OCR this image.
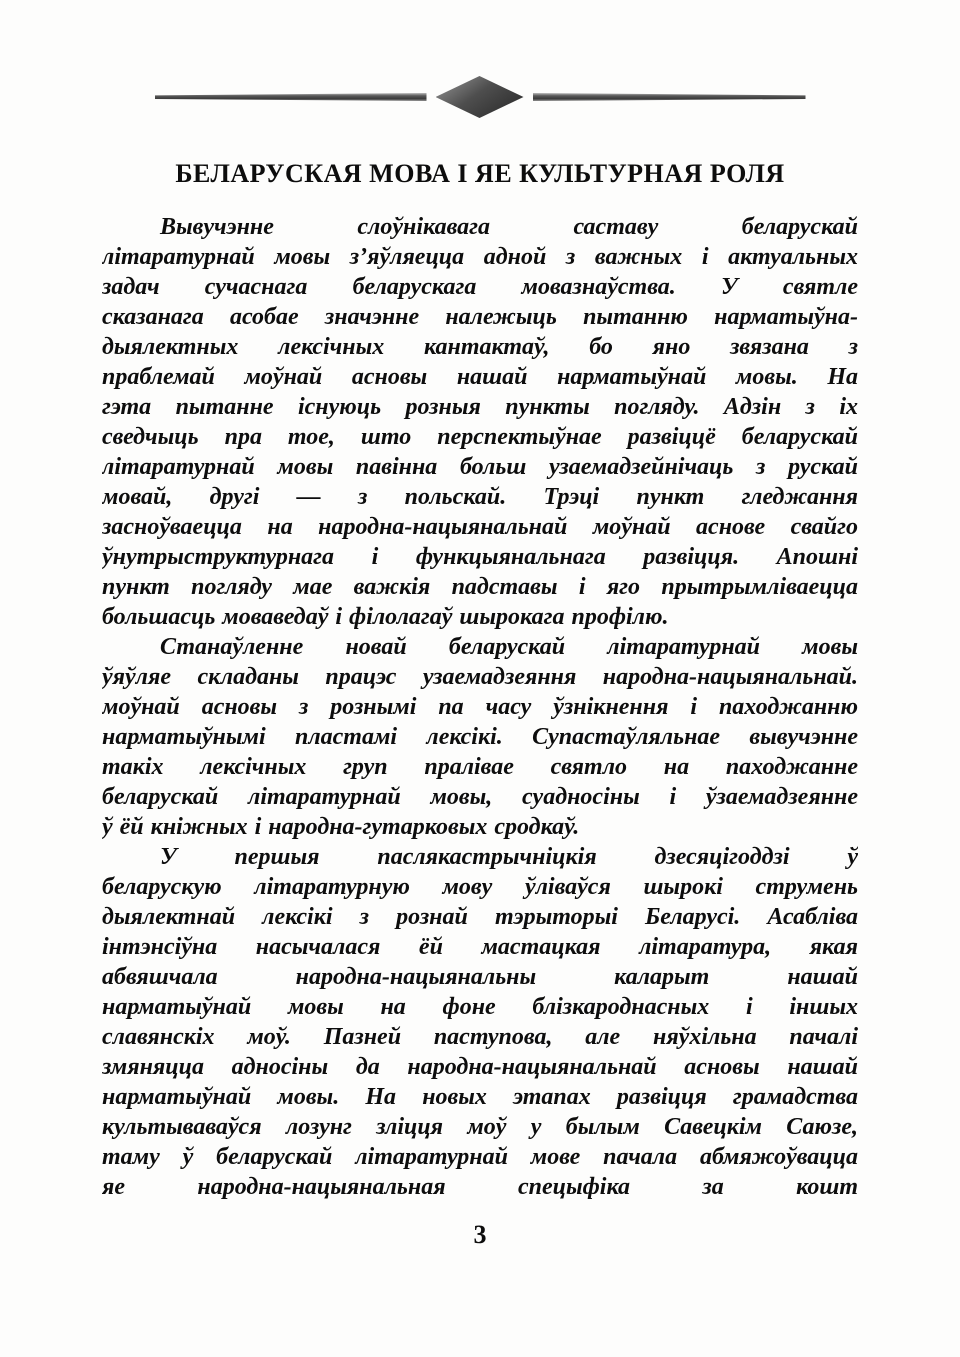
БЕЛАРУСКАЯ МОВА І ЯЕ КУЛЬТУРНАЯ РОЛЯ
Вывучэнне слоўнікавага саставу беларускай
літаратурнай мовы з’яўляецца адной з важных і актуальных
задач сучаснага беларускага мовазнаўства. У святле
сказанага асобае значэнне належыць пытанню нарматыўна-
дыялектных лексічных кантактаў, бо яно звязана з
праблемай моўнай асновы нашай нарматыўнай мовы. На
гэта пытанне існуюць розныя пункты погляду. Адзін з іх
сведчыць пра тое, што перспектыўнае развіццё беларускай
літаратурнай мовы павінна больш узаемадзейнічаць з рускай
мовай, другі — з польскай. Трэці пункт гледжання
засноўваецца на народна-нацыянальнай моўнай аснове свайго
ўнутрыструктурнага і функцыянальнага развіцця. Апошні
пункт погляду мае важкія падставы і яго прытрымліваецца
большасць моваведаў і філолагаў шырокага профілю.
Станаўленне новай беларускай літаратурнай мовы
ўяўляе складаны працэс узаемадзеяння народна-нацыянальнай.
моўнай асновы з рознымі па часу ўзнікнення і паходжанню
нарматыўнымі пластамі лексікі. Супастаўляльнае вывучэнне
такіх лексічных груп пралівае святло на паходжанне
беларускай літаратурнай мовы, суадносіны і ўзаемадзеянне
ў ёй кніжных і народна-гутарковых сродкаў.
У першыя паслякастрычніцкія дзесяцігоддзі ў
беларускую літаратурную мову ўліваўся шырокі струмень
дыялектнай лексікі з рознай тэрыторыі Беларусі. Асабліва
інтэнсіўна насычалася ёй мастацкая літаратура, якая
абвяшчала народна-нацыянальны каларыт нашай
нарматыўнай мовы на фоне блізкароднасных і іншых
славянскіх моў. Пазней паступова, але няўхільна пачалі
змяняцца адносіны да народна-нацыянальнай асновы нашай
нарматыўнай мовы. На новых этапах развіцця грамадства
культываваўся лозунг зліцця моў у былым Савецкім Саюзе,
таму ў беларускай літаратурнай мове пачала абмяжоўвацца
яе народна-нацыянальная спецыфіка за кошт
3
